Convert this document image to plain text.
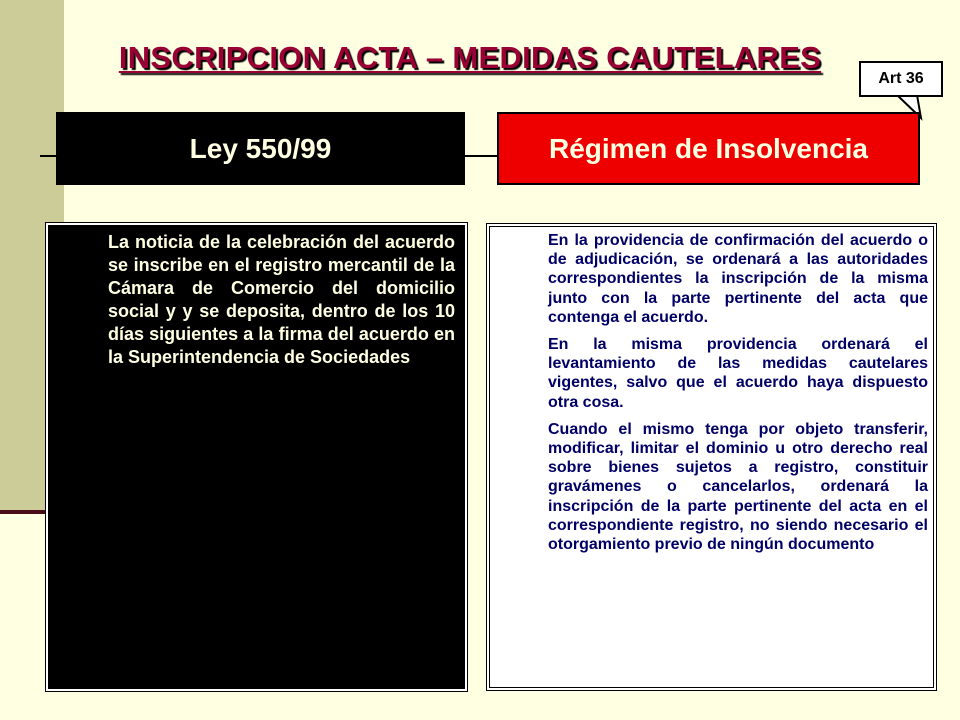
INSCRIPCION ACTA – MEDIDAS CAUTELARES
Art 36
Ley 550/99	Régimen de Insolvencia

La noticia de la celebración del acuerdo se inscribe en el registro mercantil de la Cámara de Comercio del domicilio social y y se deposita, dentro de los 10 días siguientes a la firma del acuerdo en la Superintendencia de Sociedades

En la providencia de confirmación del acuerdo o de adjudicación, se ordenará a las autoridades correspondientes la inscripción de la misma junto con la parte pertinente del acta que contenga el acuerdo.

En la misma providencia ordenará el levantamiento de las medidas cautelares vigentes, salvo que el acuerdo haya dispuesto otra cosa.

Cuando el mismo tenga por objeto transferir, modificar, limitar el dominio u otro derecho real sobre bienes sujetos a registro, constituir gravámenes o cancelarlos, ordenará la inscripción de la parte pertinente del acta en el correspondiente registro, no siendo necesario el otorgamiento previo de ningún documento
